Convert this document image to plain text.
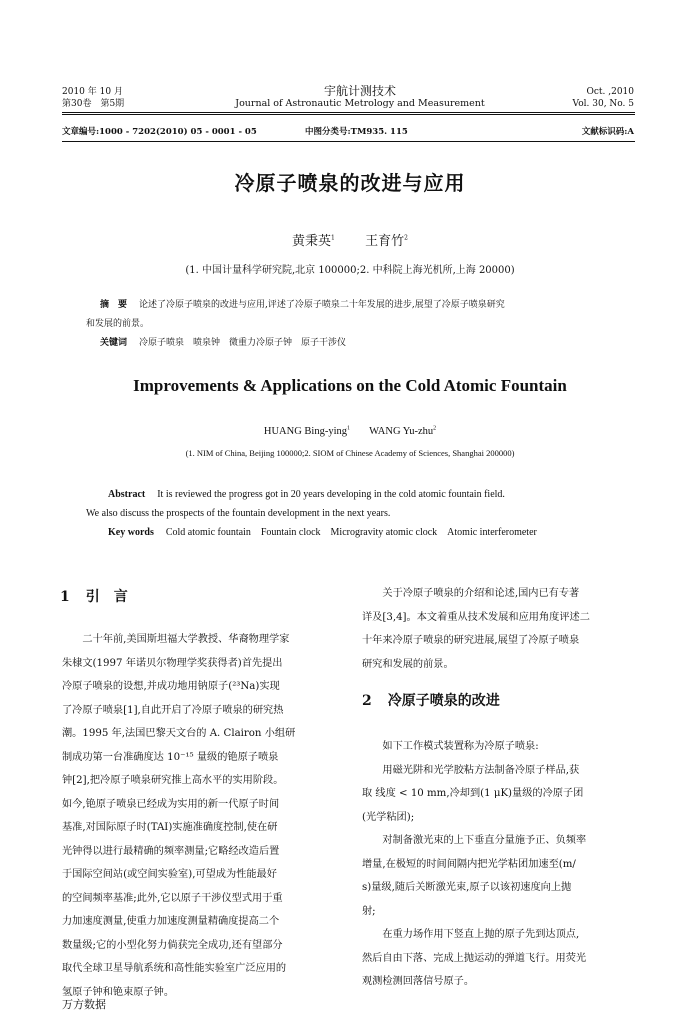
2010 年 10 月
第30卷　第5期
宇航计测技术
Journal of Astronautic Metrology and Measurement
Oct. ,2010
Vol. 30, No. 5
文章编号:1000 - 7202(2010) 05 - 0001 - 05	中图分类号:TM935. 115	文献标识码:A
冷原子喷泉的改进与应用
黄秉英$^1$ 王育竹$^2$
(1. 中国计量科学研究院,北京 100000;2. 中科院上海光机所,上海 20000)
摘　要 论述了冷原子喷泉的改进与应用,评述了冷原子喷泉二十年发展的进步,展望了冷原子喷泉研究
和发展的前景。
关键词 冷原子喷泉　喷泉钟　微重力冷原子钟　原子干涉仪
Improvements & Applications on the Cold Atomic Fountain
HUANG Bing-ying$^1$ WANG Yu-zhu$^2$
(1. NIM of China, Beijing 100000;2. SIOM of Chinese Academy of Sciences, Shanghai 200000)
Abstract It is reviewed the progress got in 20 years developing in the cold atomic fountain field.
We also discuss the prospects of the fountain development in the next years.
Key words Cold atomic fountain　Fountain clock　Microgravity atomic clock　Atomic interferometer
1 引　言

二十年前,美国斯坦福大学教授、华裔物理学家

朱棣文(1997 年诺贝尔物理学奖获得者)首先提出

冷原子喷泉的设想,并成功地用钠原子(²³Na)实现

了冷原子喷泉[1],自此开启了冷原子喷泉的研究热

潮。1995 年,法国巴黎天文台的 A. Clairon 小组研

制成功第一台准确度达 10⁻¹⁵ 量级的铯原子喷泉

钟[2],把冷原子喷泉研究推上高水平的实用阶段。

如今,铯原子喷泉已经成为实用的新一代原子时间

基准,对国际原子时(TAI)实施准确度控制,使在研

光钟得以进行最精确的频率测量;它略经改造后置

于国际空间站(或空间实验室),可望成为性能最好

的空间频率基准;此外,它以原子干涉仪型式用于重

力加速度测量,使重力加速度测量精确度提高二个

数量级;它的小型化努力倘获完全成功,还有望部分

取代全球卫星导航系统和高性能实验室广泛应用的

氢原子钟和铯束原子钟。

关于冷原子喷泉的介绍和论述,国内已有专著

详及[3,4]。本文着重从技术发展和应用角度评述二

十年来冷原子喷泉的研究进展,展望了冷原子喷泉

研究和发展的前景。

2 冷原子喷泉的改进

如下工作模式装置称为冷原子喷泉:

用磁光阱和光学胶粘方法制备冷原子样品,获

取 线度 < 10 mm,冷却到(1 μK)量级的冷原子团

(光学粘团);

对制备激光束的上下垂直分量施予正、负频率

增量,在极短的时间间隔内把光学粘团加速至(m/

s)量级,随后关断激光束,原子以该初速度向上抛

射;

在重力场作用下竖直上抛的原子先到达顶点,

然后自由下落、完成上抛运动的弹道飞行。用荧光

观测检测回落信号原子。

万方数据
